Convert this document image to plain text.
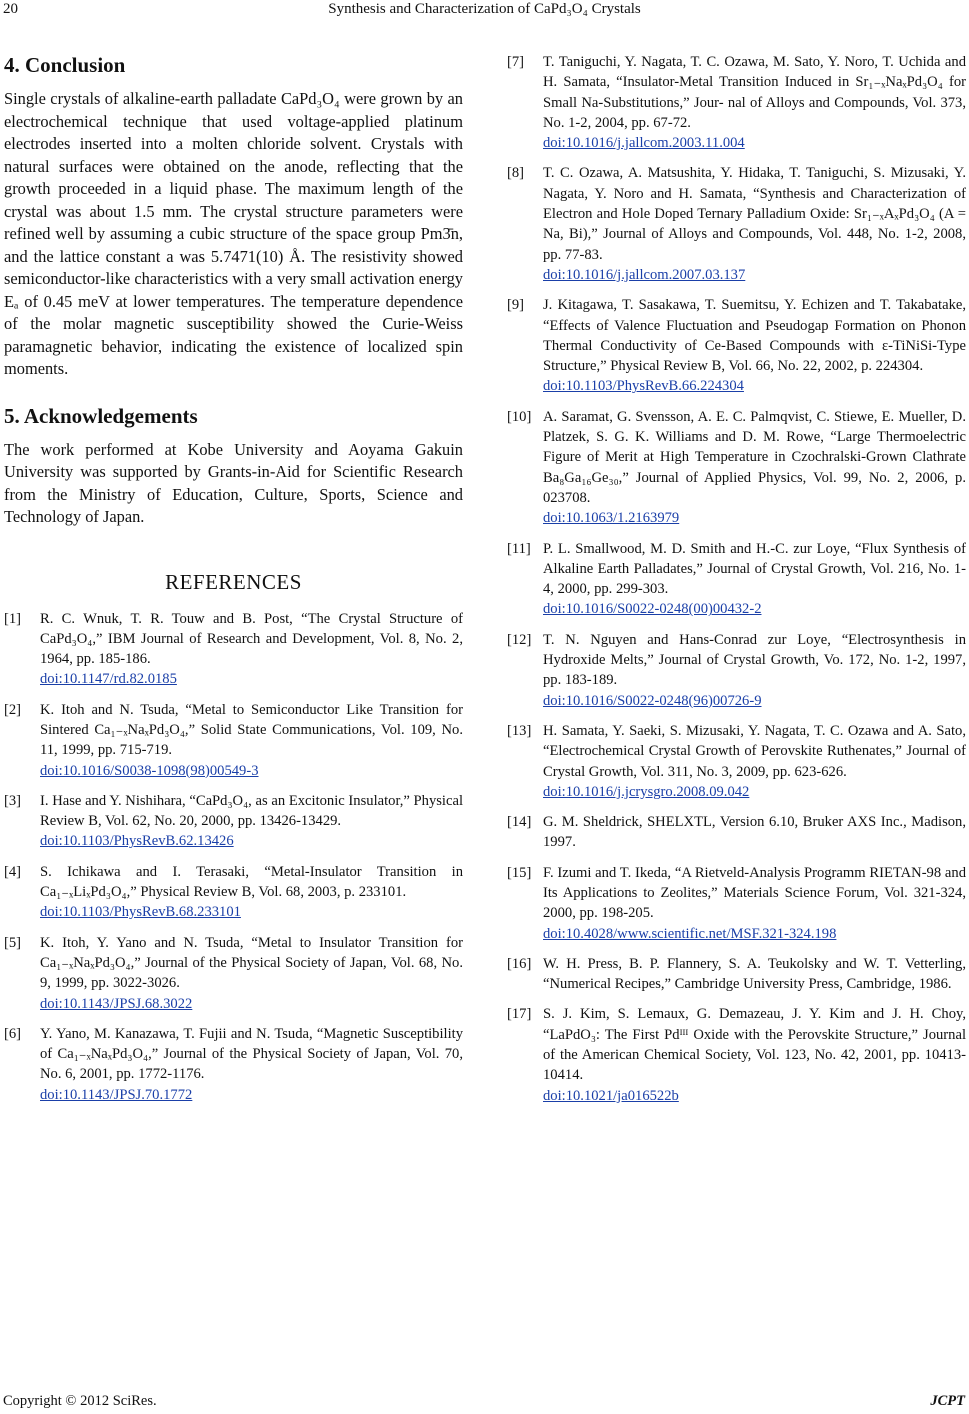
20	Synthesis and Characterization of CaPd₃O₄ Crystals
4. Conclusion

Single crystals of alkaline-earth palladate CaPd₃O₄ were grown by an electrochemical technique that used voltage-applied platinum electrodes inserted into a molten chloride solvent. Crystals with natural surfaces were obtained on the anode, reflecting that the growth proceeded in a liquid phase. The maximum length of the crystal was about 1.5 mm. The crystal structure parameters were refined well by assuming a cubic structure of the space group Pm3̄n, and the lattice constant a was 5.7471(10) Å. The resistivity showed semiconductor-like characteristics with a very small activation energy Eₐ of 0.45 meV at lower temperatures. The temperature dependence of the molar magnetic susceptibility showed the Curie-Weiss paramagnetic behavior, indicating the existence of localized spin moments.

5. Acknowledgements

The work performed at Kobe University and Aoyama Gakuin University was supported by Grants-in-Aid for Scientific Research from the Ministry of Education, Culture, Sports, Science and Technology of Japan.

REFERENCES
[1]	R. C. Wnuk, T. R. Touw and B. Post, “The Crystal Structure of CaPd₃O₄,” IBM Journal of Research and Development, Vol. 8, No. 2, 1964, pp. 185-186.
doi:10.1147/rd.82.0185
[2]	K. Itoh and N. Tsuda, “Metal to Semiconductor Like Transition for Sintered Ca₁₋ₓNaₓPd₃O₄,” Solid State Communications, Vol. 109, No. 11, 1999, pp. 715-719.
doi:10.1016/S0038-1098(98)00549-3
[3]	I. Hase and Y. Nishihara, “CaPd₃O₄, as an Excitonic Insulator,” Physical Review B, Vol. 62, No. 20, 2000, pp. 13426-13429.
doi:10.1103/PhysRevB.62.13426
[4]	S. Ichikawa and I. Terasaki, “Metal-Insulator Transition in Ca₁₋ₓLiₓPd₃O₄,” Physical Review B, Vol. 68, 2003, p. 233101.
doi:10.1103/PhysRevB.68.233101
[5]	K. Itoh, Y. Yano and N. Tsuda, “Metal to Insulator Transition for Ca₁₋ₓNaₓPd₃O₄,” Journal of the Physical Society of Japan, Vol. 68, No. 9, 1999, pp. 3022-3026.
doi:10.1143/JPSJ.68.3022
[6]	Y. Yano, M. Kanazawa, T. Fujii and N. Tsuda, “Magnetic Susceptibility of Ca₁₋ₓNaₓPd₃O₄,” Journal of the Physical Society of Japan, Vol. 70, No. 6, 2001, pp. 1772-1176.
doi:10.1143/JPSJ.70.1772
[7]	T. Taniguchi, Y. Nagata, T. C. Ozawa, M. Sato, Y. Noro, T. Uchida and H. Samata, “Insulator-Metal Transition Induced in Sr₁₋ₓNaₓPd₃O₄ for Small Na-Substitutions,” Jour- nal of Alloys and Compounds, Vol. 373, No. 1-2, 2004, pp. 67-72.
doi:10.1016/j.jallcom.2003.11.004
[8]	T. C. Ozawa, A. Matsushita, Y. Hidaka, T. Taniguchi, S. Mizusaki, Y. Nagata, Y. Noro and H. Samata, “Synthesis and Characterization of Electron and Hole Doped Ternary Palladium Oxide: Sr₁₋ₓAₓPd₃O₄ (A = Na, Bi),” Journal of Alloys and Compounds, Vol. 448, No. 1-2, 2008, pp. 77-83.
doi:10.1016/j.jallcom.2007.03.137
[9]	J. Kitagawa, T. Sasakawa, T. Suemitsu, Y. Echizen and T. Takabatake, “Effects of Valence Fluctuation and Pseudogap Formation on Phonon Thermal Conductivity of Ce-Based Compounds with ε-TiNiSi-Type Structure,” Physical Review B, Vol. 66, No. 22, 2002, p. 224304.
doi:10.1103/PhysRevB.66.224304
[10] A. Saramat, G. Svensson, A. E. C. Palmqvist, C. Stiewe, E. Mueller, D. Platzek, S. G. K. Williams and D. M. Rowe, “Large Thermoelectric Figure of Merit at High Temperature in Czochralski-Grown Clathrate Ba₈Ga₁₆Ge₃₀,” Journal of Applied Physics, Vol. 99, No. 2, 2006, p. 023708.
doi:10.1063/1.2163979
[11] P. L. Smallwood, M. D. Smith and H.-C. zur Loye, “Flux Synthesis of Alkaline Earth Palladates,” Journal of Crystal Growth, Vol. 216, No. 1-4, 2000, pp. 299-303.
doi:10.1016/S0022-0248(00)00432-2
[12] T. N. Nguyen and Hans-Conrad zur Loye, “Electrosynthesis in Hydroxide Melts,” Journal of Crystal Growth, Vo. 172, No. 1-2, 1997, pp. 183-189.
doi:10.1016/S0022-0248(96)00726-9
[13] H. Samata, Y. Saeki, S. Mizusaki, Y. Nagata, T. C. Ozawa and A. Sato, “Electrochemical Crystal Growth of Perovskite Ruthenates,” Journal of Crystal Growth, Vol. 311, No. 3, 2009, pp. 623-626.
doi:10.1016/j.jcrysgro.2008.09.042
[14] G. M. Sheldrick, SHELXTL, Version 6.10, Bruker AXS Inc., Madison, 1997.
[15] F. Izumi and T. Ikeda, “A Rietveld-Analysis Programm RIETAN-98 and Its Applications to Zeolites,” Materials Science Forum, Vol. 321-324, 2000, pp. 198-205.
doi:10.4028/www.scientific.net/MSF.321-324.198
[16] W. H. Press, B. P. Flannery, S. A. Teukolsky and W. T. Vetterling, “Numerical Recipes,” Cambridge University Press, Cambridge, 1986.
[17] S. J. Kim, S. Lemaux, G. Demazeau, J. Y. Kim and J. H. Choy, “LaPdO₃: The First Pdᴵᴵᴵ Oxide with the Perovskite Structure,” Journal of the American Chemical Society, Vol. 123, No. 42, 2001, pp. 10413-10414.
doi:10.1021/ja016522b
Copyright © 2012 SciRes.	JCPT
